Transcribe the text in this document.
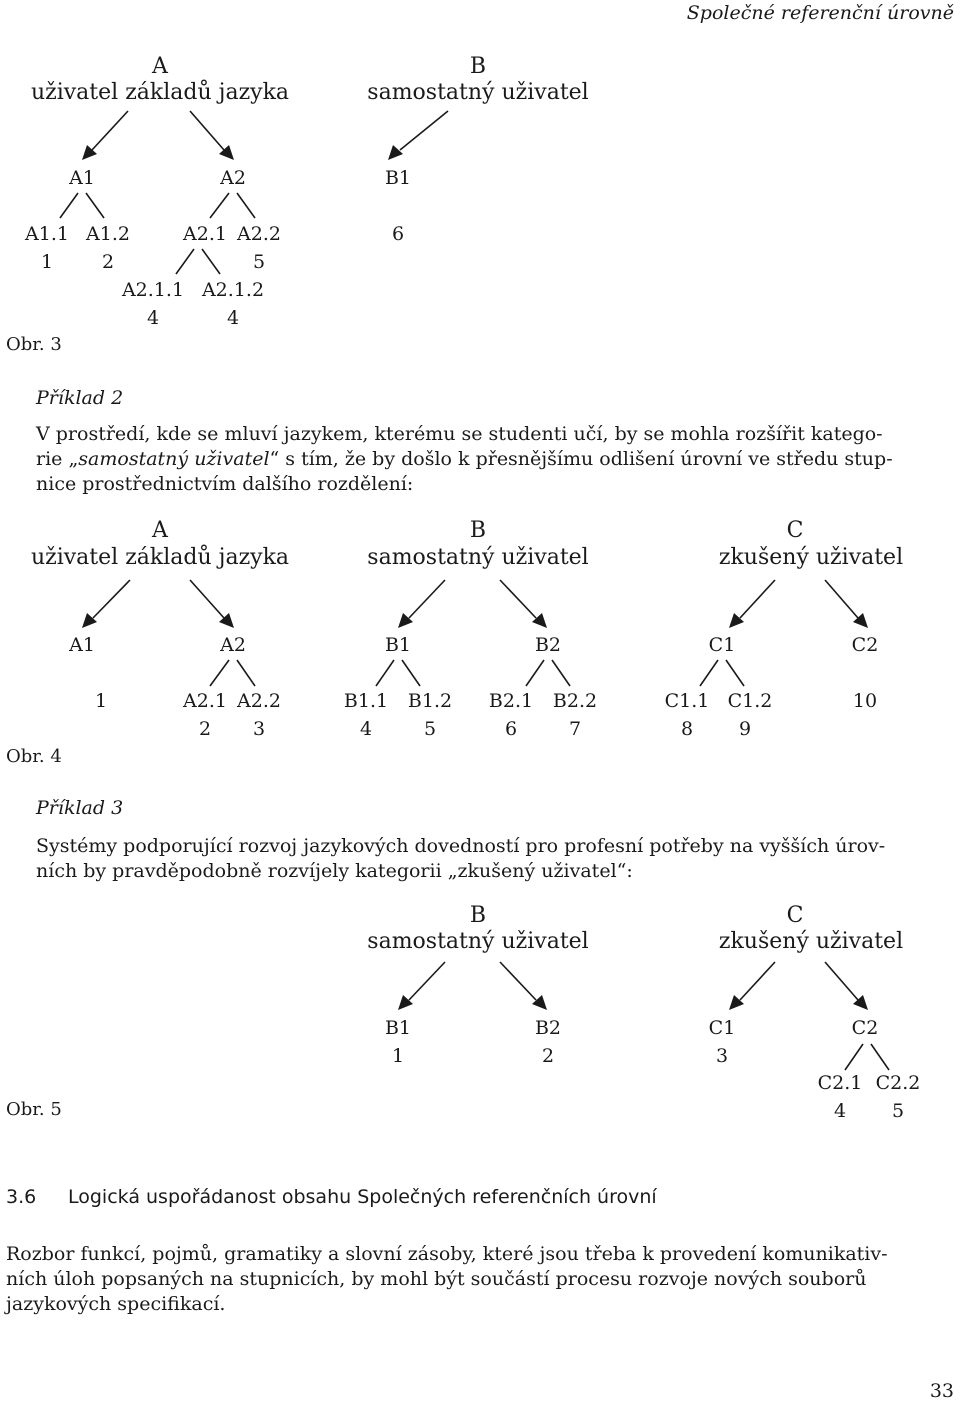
Společné referenční úrovně
A
uživatel základů jazyka
B
samostatný uživatel
A1	A2	B1
A1.1 A1.2	A2.1 A2.2	6
1	2	5
A2.1.1 A2.1.2
4	4
Obr. 3
Příklad 2
V prostředí, kde se mluví jazykem, kterému se studenti učí, by se mohla rozšířit katego-
rie „samostatný uživatel“ s tím, že by došlo k přesnějšímu odlišení úrovní ve středu stup-
nice prostřednictvím dalšího rozdělení:
A
uživatel základů jazyka
B
samostatný uživatel
C
zkušený uživatel
A1	A2	B1	B2	C1	C2
1	A2.1 A2.2	B1.1 B1.2 B2.1 B2.2	C1.1 C1.2	10
2 3	4	5	6	7	8 9
Obr. 4
Příklad 3
Systémy podporující rozvoj jazykových dovedností pro profesní potřeby na vyšších úrov-
ních by pravděpodobně rozvíjely kategorii „zkušený uživatel“:
B
samostatný uživatel
C
zkušený uživatel
B1	B2	C1	C2
1	2	3
C2.1 C2.2
4 5
Obr. 5
3.6 Logická uspořádanost obsahu Společných referenčních úrovní
Rozbor funkcí, pojmů, gramatiky a slovní zásoby, které jsou třeba k provedení komunikativ-
ních úloh popsaných na stupnicích, by mohl být součástí procesu rozvoje nových souborů
jazykových specifikací.
33
